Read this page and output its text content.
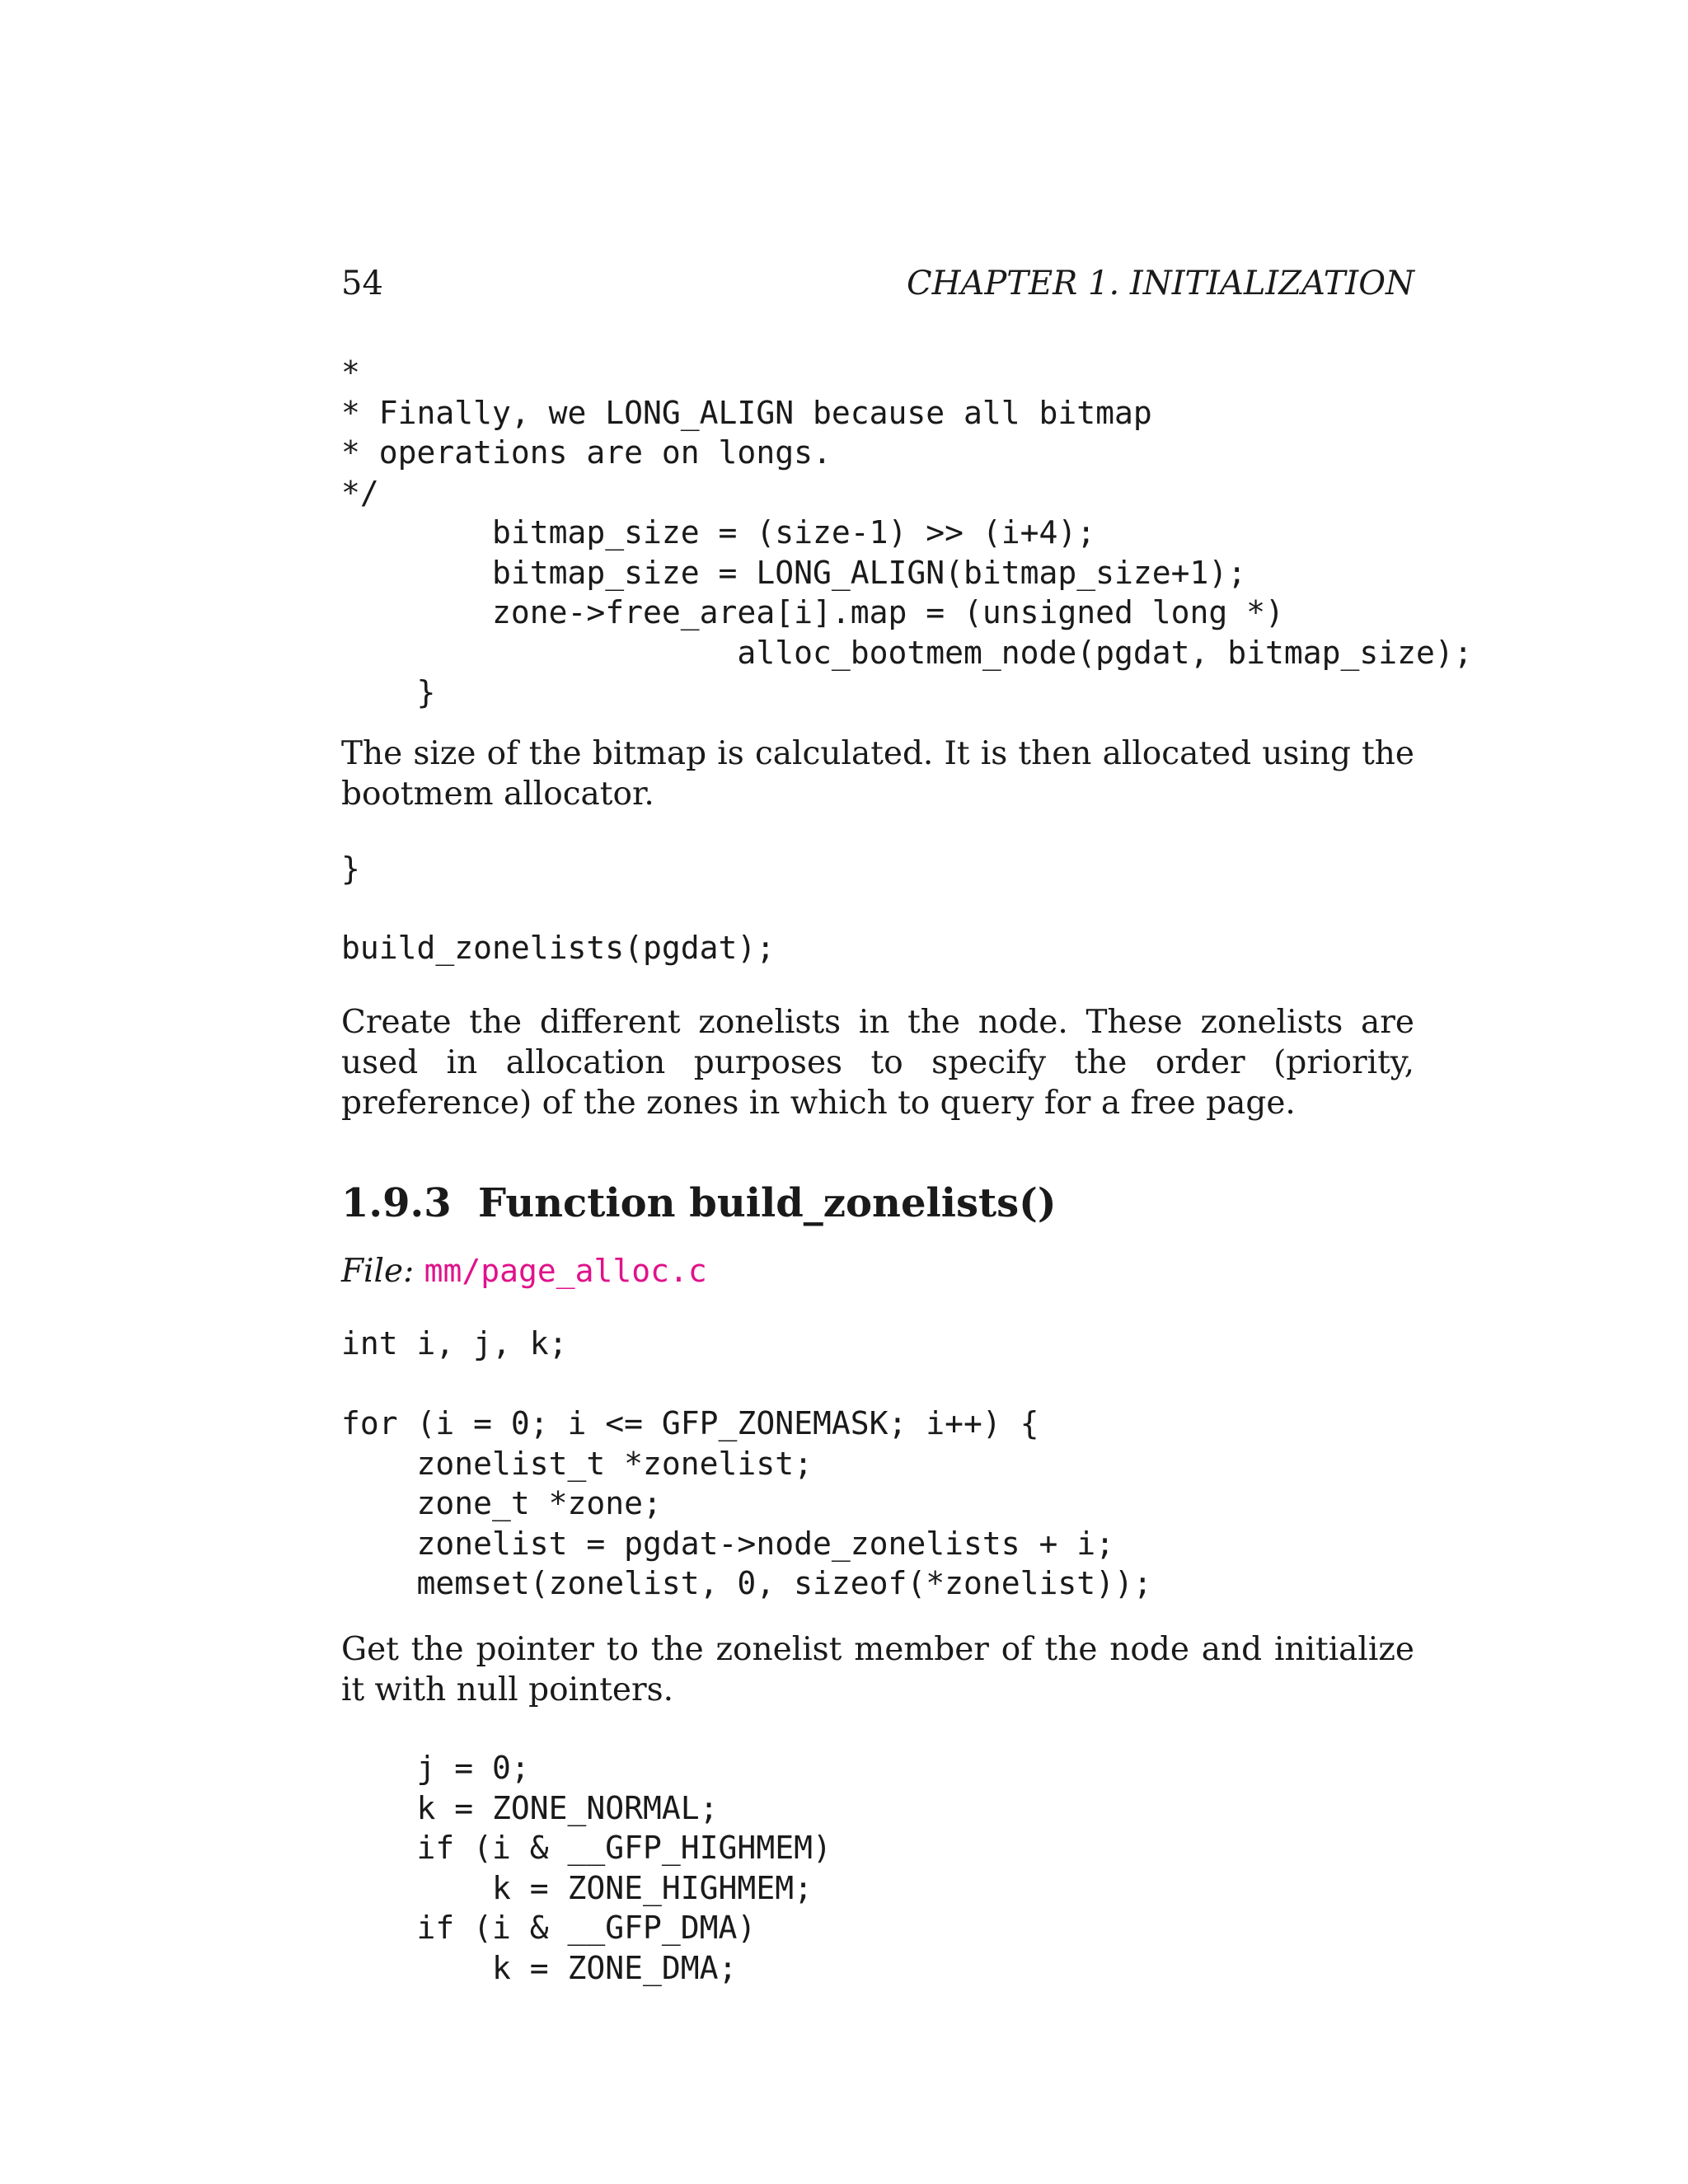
54	CHAPTER 1. INITIALIZATION
*
* Finally, we LONG_ALIGN because all bitmap
* operations are on longs.
*/
bitmap_size = (size-1) >> (i+4);
bitmap_size = LONG_ALIGN(bitmap_size+1);
zone->free_area[i].map = (unsigned long *)
alloc_bootmem_node(pgdat, bitmap_size);
}

The size of the bitmap is calculated. It is then allocated using the bootmem allocator.

}
build_zonelists(pgdat);

Create the different zonelists in the node. These zonelists are used in allocation purposes to specify the order (priority, preference) of the zones in which to query for a free page.

1.9.3 Function build_zonelists()
File: mm/page_alloc.c
int i, j, k;
for (i = 0; i <= GFP_ZONEMASK; i++) {
zonelist_t *zonelist;
zone_t *zone;
zonelist = pgdat->node_zonelists + i;
memset(zonelist, 0, sizeof(*zonelist));

Get the pointer to the zonelist member of the node and initialize it with null pointers.

j = 0;
k = ZONE_NORMAL;
if (i & __GFP_HIGHMEM)
k = ZONE_HIGHMEM;
if (i & __GFP_DMA)
k = ZONE_DMA;
